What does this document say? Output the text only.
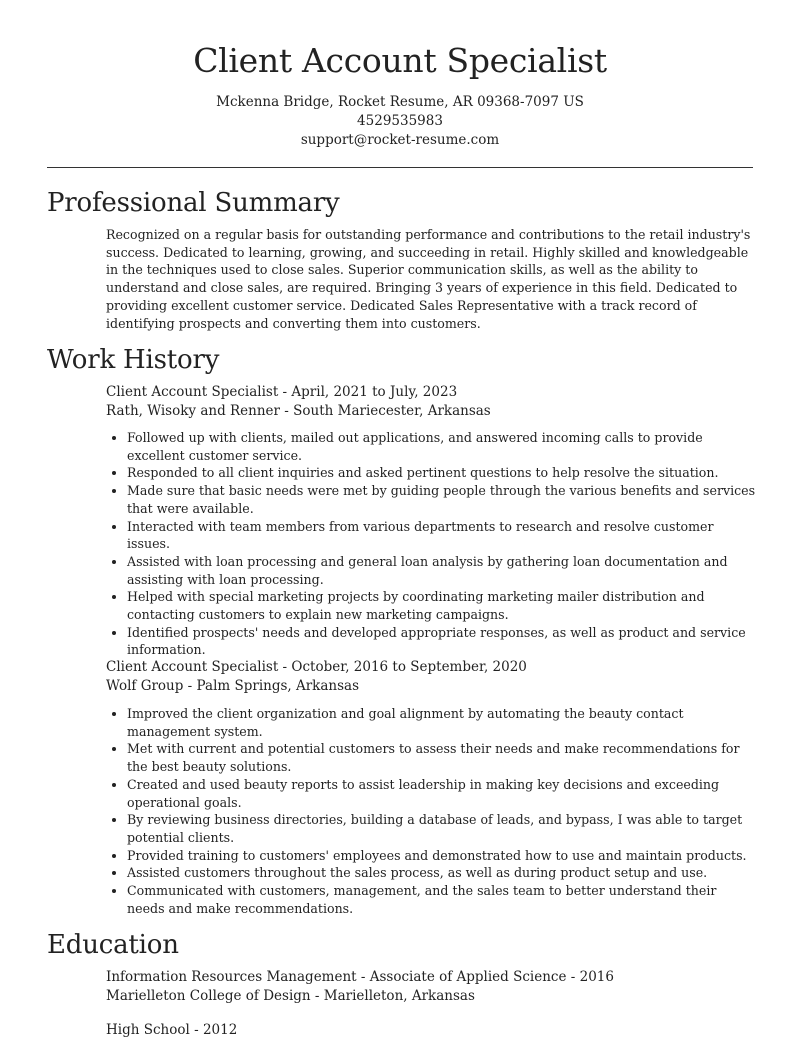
Client Account Specialist
Mckenna Bridge, Rocket Resume, AR 09368-7097 US
4529535983
support@rocket-resume.com
Professional Summary

Recognized on a regular basis for outstanding performance and contributions to the retail industry's success. Dedicated to learning, growing, and succeeding in retail. Highly skilled and knowledgeable in the techniques used to close sales. Superior communication skills, as well as the ability to understand and close sales, are required. Bringing 3 years of experience in this field. Dedicated to providing excellent customer service. Dedicated Sales Representative with a track record of identifying prospects and converting them into customers.

Work History
Client Account Specialist - April, 2021 to July, 2023
Rath, Wisoky and Renner - South Mariecester, Arkansas
• Followed up with clients, mailed out applications, and answered incoming calls to provide excellent customer service.
• Responded to all client inquiries and asked pertinent questions to help resolve the situation.
• Made sure that basic needs were met by guiding people through the various benefits and services that were available.
• Interacted with team members from various departments to research and resolve customer issues.
• Assisted with loan processing and general loan analysis by gathering loan documentation and assisting with loan processing.
• Helped with special marketing projects by coordinating marketing mailer distribution and contacting customers to explain new marketing campaigns.
• Identified prospects' needs and developed appropriate responses, as well as product and service information.
Client Account Specialist - October, 2016 to September, 2020
Wolf Group - Palm Springs, Arkansas
• Improved the client organization and goal alignment by automating the beauty contact management system.
• Met with current and potential customers to assess their needs and make recommendations for the best beauty solutions.
• Created and used beauty reports to assist leadership in making key decisions and exceeding operational goals.
• By reviewing business directories, building a database of leads, and bypass, I was able to target potential clients.
• Provided training to customers' employees and demonstrated how to use and maintain products.
• Assisted customers throughout the sales process, as well as during product setup and use.
• Communicated with customers, management, and the sales team to better understand their needs and make recommendations.
Education
Information Resources Management - Associate of Applied Science - 2016
Marielleton College of Design - Marielleton, Arkansas
High School - 2012
